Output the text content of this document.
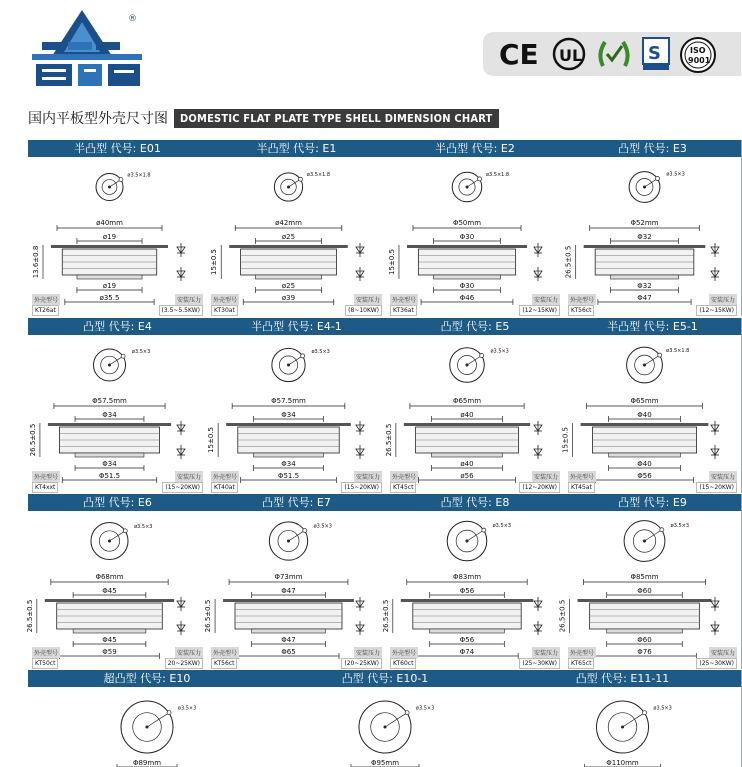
®
CE UL	S	ISO
9001
国内平板型外壳尺寸图	DOMESTIC FLAT PLATE TYPE SHELL DIMENSION CHART
半凸型 代号: E01
ø3.5×1.8
ø40mm
ø19
ø19
ø35.5
13.6±0.8
外壳型号
KT26at
安装压力
(3.5~5.5KW)
半凸型 代号: E1
ø3.5×1.8
ø42mm
ø25
ø25
ø39
15±0.5
外壳型号
KT30at
安装压力
(8~10KW)
半凸型 代号: E2
ø3.5×1.8
Φ50mm
Φ30
Φ30
Φ46
15±0.5
外壳型号
KT36at
安装压力
(12~15KW)
凸型 代号: E3
ø3.5×3
Φ52mm
Φ32
Φ32
Φ47
26.5±0.5
外壳型号
KT56ct
安装压力
(12~15KW)
凸型 代号: E4
ø3.5×3
Φ57.5mm
Φ34
Φ34
Φ51.5
26.5±0.5
外壳型号
KT4xxt
安装压力
(15~20KW)
半凸型 代号: E4-1
ø3.5×3
Φ57.5mm
Φ34
Φ34
Φ51.5
15±0.5
外壳型号
KT40at
安装压力
(15~20KW)
凸型 代号: E5
ø3.5×3
Φ65mm
ø40
ø40
ø56
26.5±0.5
外壳型号
KT45ct
安装压力
(12~20KW)
半凸型 代号: E5-1
ø3.5×1.8
Φ65mm
Φ40
Φ40
Φ56
15±0.5
外壳型号
KT45at
安装压力
(15~20KW)
凸型 代号: E6
ø3.5×3
Φ68mm
Φ45
Φ45
Φ59
26.5±0.5
外壳型号
KT50ct
安装压力
20~25KW)
凸型 代号: E7
ø3.5×3
Φ73mm
Φ47
Φ47
Φ65
26.5±0.5
外壳型号
KT56ct
安装压力
(20~25KW)
凸型 代号: E8
ø3.5×3
Φ83mm
Φ56
Φ56
Φ74
26.5±0.5
外壳型号
KT60ct
安装压力
(25~30KW)
凸型 代号: E9
ø3.5×3
Φ85mm
Φ60
Φ60
Φ76
26.5±0.5
外壳型号
KT65ct
安装压力
(25~30KW)
超凸型 代号: E10
ø3.5×3
Φ89mm
凸型 代号: E10-1
ø3.5×3
Φ95mm
凸型 代号: E11-11
ø3.5×3
Φ110mm
